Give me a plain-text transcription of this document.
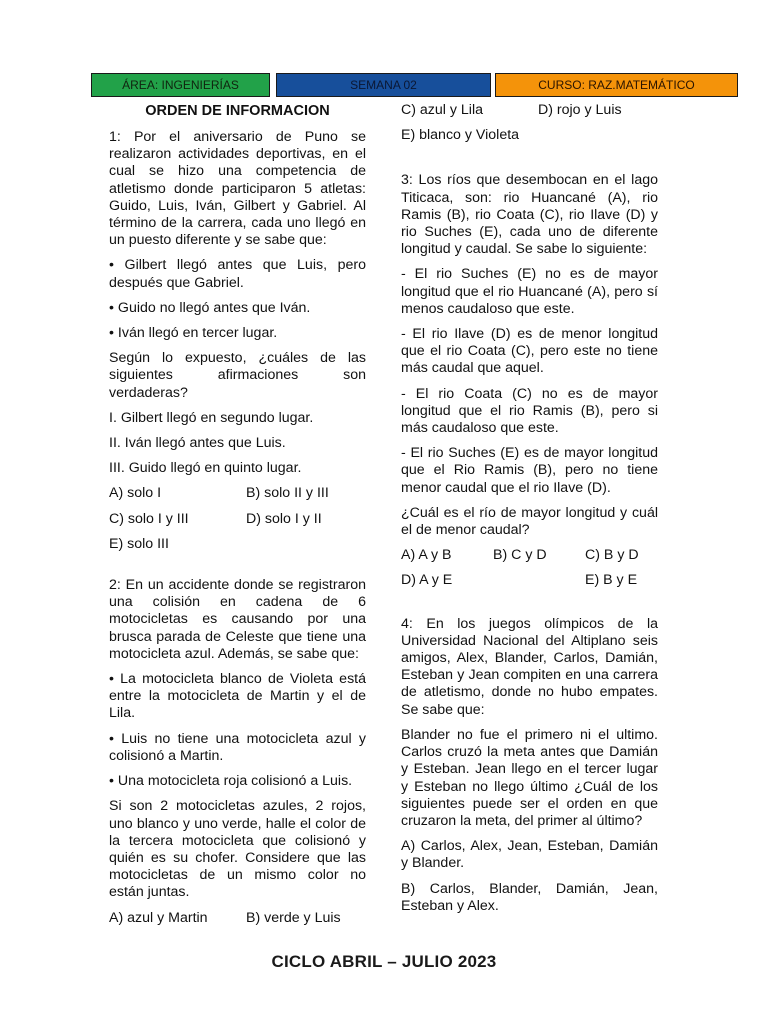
ÁREA: INGENIERÍAS	SEMANA 02	CURSO: RAZ.MATEMÁTICO
ORDEN DE INFORMACION

1: Por el aniversario de Puno se realizaron actividades deportivas, en el cual se hizo una competencia de atletismo donde participaron 5 atletas: Guido, Luis, Iván, Gilbert y Gabriel. Al término de la carrera, cada uno llegó en un puesto diferente y se sabe que:

• Gilbert llegó antes que Luis, pero después que Gabriel.

• Guido no llegó antes que Iván.

• Iván llegó en tercer lugar.

Según lo expuesto, ¿cuáles de las siguientes afirmaciones son verdaderas?

I. Gilbert llegó en segundo lugar.

II. Iván llegó antes que Luis.

III. Guido llegó en quinto lugar.

A) solo I	B) solo II y III
C) solo I y III	D) solo I y II
E) solo III

2: En un accidente donde se registraron una colisión en cadena de 6 motocicletas es causando por una brusca parada de Celeste que tiene una motocicleta azul. Además, se sabe que:

• La motocicleta blanco de Violeta está entre la motocicleta de Martin y el de Lila.

• Luis no tiene una motocicleta azul y colisionó a Martin.

• Una motocicleta roja colisionó a Luis.

Si son 2 motocicletas azules, 2 rojos, uno blanco y uno verde, halle el color de la tercera motocicleta que colisionó y quién es su chofer. Considere que las motocicletas de un mismo color no están juntas.

A) azul y Martin	B) verde y Luis
C) azul y Lila	D) rojo y Luis
E) blanco y Violeta

3: Los ríos que desembocan en el lago Titicaca, son: rio Huancané (A), rio Ramis (B), rio Coata (C), rio Ilave (D) y rio Suches (E), cada uno de diferente longitud y caudal. Se sabe lo siguiente:

- El rio Suches (E) no es de mayor longitud que el rio Huancané (A), pero sí menos caudaloso que este.

- El rio Ilave (D) es de menor longitud que el rio Coata (C), pero este no tiene más caudal que aquel.

- El rio Coata (C) no es de mayor longitud que el rio Ramis (B), pero si más caudaloso que este.

- El rio Suches (E) es de mayor longitud que el Rio Ramis (B), pero no tiene menor caudal que el rio Ilave (D).

¿Cuál es el río de mayor longitud y cuál el de menor caudal?

A) A y B	B) C y D	C) B y D
D) A y E	E) B y E

4: En los juegos olímpicos de la Universidad Nacional del Altiplano seis amigos, Alex, Blander, Carlos, Damián, Esteban y Jean compiten en una carrera de atletismo, donde no hubo empates. Se sabe que:

Blander no fue el primero ni el ultimo. Carlos cruzó la meta antes que Damián y Esteban. Jean llego en el tercer lugar y Esteban no llego último ¿Cuál de los siguientes puede ser el orden en que cruzaron la meta, del primer al último?

A) Carlos, Alex, Jean, Esteban, Damián y Blander.

B) Carlos, Blander, Damián, Jean, Esteban y Alex.

CICLO ABRIL – JULIO 2023
